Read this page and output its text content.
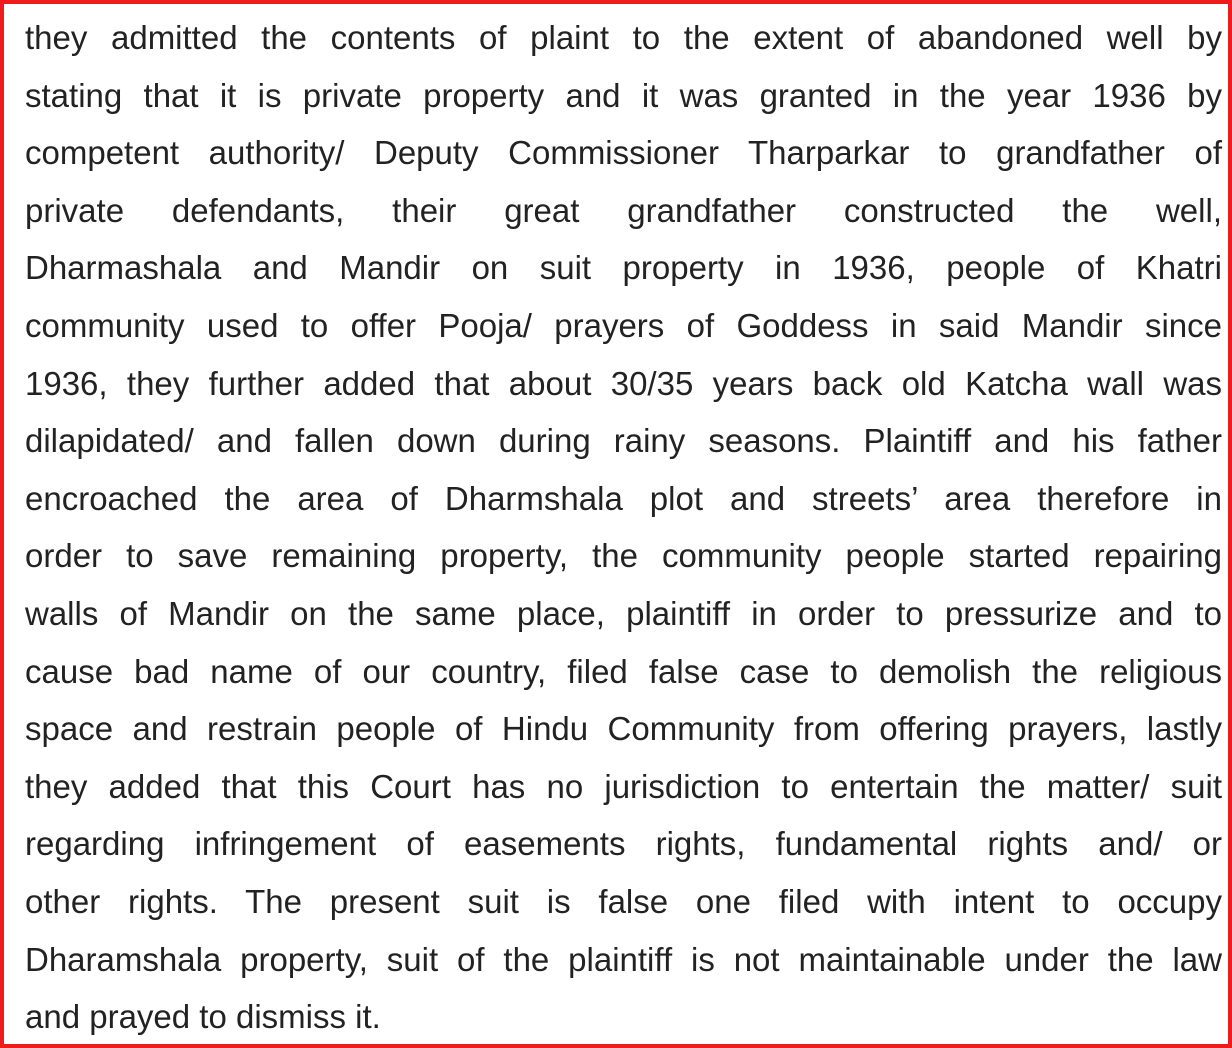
they admitted the contents of plaint to the extent of abandoned well by
stating that it is private property and it was granted in the year 1936 by
competent authority/ Deputy Commissioner Tharparkar to grandfather of
private defendants, their great grandfather constructed the well,
Dharmashala and Mandir on suit property in 1936, people of Khatri
community used to offer Pooja/ prayers of Goddess in said Mandir since
1936, they further added that about 30/35 years back old Katcha wall was
dilapidated/ and fallen down during rainy seasons. Plaintiff and his father
encroached the area of Dharmshala plot and streets’ area therefore in
order to save remaining property, the community people started repairing
walls of Mandir on the same place, plaintiff in order to pressurize and to
cause bad name of our country, filed false case to demolish the religious
space and restrain people of Hindu Community from offering prayers, lastly
they added that this Court has no jurisdiction to entertain the matter/ suit
regarding infringement of easements rights, fundamental rights and/ or
other rights. The present suit is false one filed with intent to occupy
Dharamshala property, suit of the plaintiff is not maintainable under the law
and prayed to dismiss it.
